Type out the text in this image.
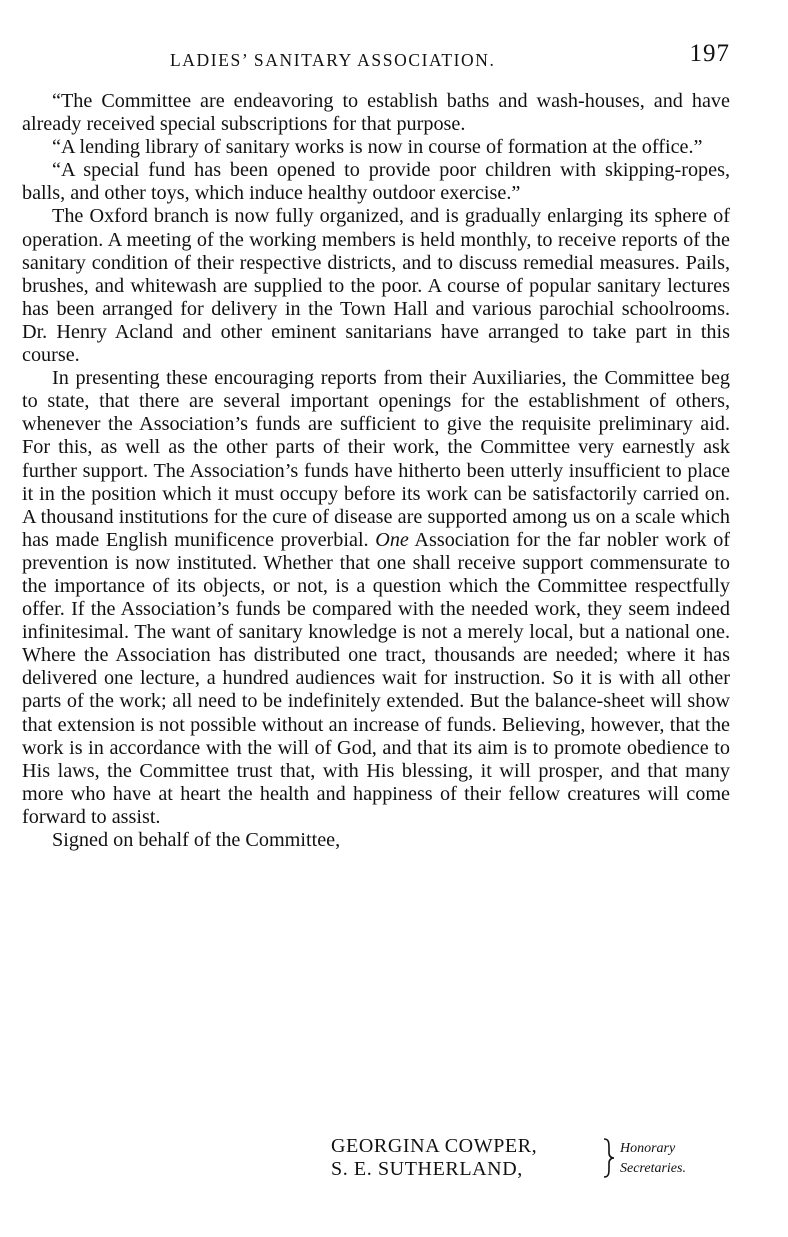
LADIES’ SANITARY ASSOCIATION.	197

“The Committee are endeavoring to establish baths and wash-houses, and have already received special subscriptions for that purpose.

“A lending library of sanitary works is now in course of formation at the office.”

“A special fund has been opened to provide poor children with skipping-ropes, balls, and other toys, which induce healthy outdoor exercise.”

The Oxford branch is now fully organized, and is gradually enlarging its sphere of operation. A meeting of the working members is held monthly, to receive reports of the sanitary condition of their respective districts, and to discuss remedial measures. Pails, brushes, and whitewash are supplied to the poor. A course of popular sanitary lectures has been arranged for delivery in the Town Hall and various parochial schoolrooms. Dr. Henry Acland and other eminent sanitarians have arranged to take part in this course.

In presenting these encouraging reports from their Auxiliaries, the Committee beg to state, that there are several important openings for the establishment of others, whenever the Association’s funds are sufficient to give the requisite preliminary aid. For this, as well as the other parts of their work, the Committee very earnestly ask further support. The Association’s funds have hitherto been utterly insufficient to place it in the position which it must occupy before its work can be satisfactorily carried on. A thousand institutions for the cure of disease are supported among us on a scale which has made English munificence proverbial. One Association for the far nobler work of prevention is now instituted. Whether that one shall receive support commensurate to the importance of its objects, or not, is a question which the Committee respectfully offer. If the Association’s funds be compared with the needed work, they seem indeed infinitesimal. The want of sanitary knowledge is not a merely local, but a national one. Where the Association has distributed one tract, thousands are needed; where it has delivered one lecture, a hundred audiences wait for instruction. So it is with all other parts of the work; all need to be indefinitely extended. But the balance-sheet will show that extension is not possible without an increase of funds. Believing, however, that the work is in accordance with the will of God, and that its aim is to promote obedience to His laws, the Committee trust that, with His blessing, it will prosper, and that many more who have at heart the health and happiness of their fellow creatures will come forward to assist.

Signed on behalf of the Committee,

GEORGINA COWPER,
S. E. SUTHERLAND,
Honorary
Secretaries.
